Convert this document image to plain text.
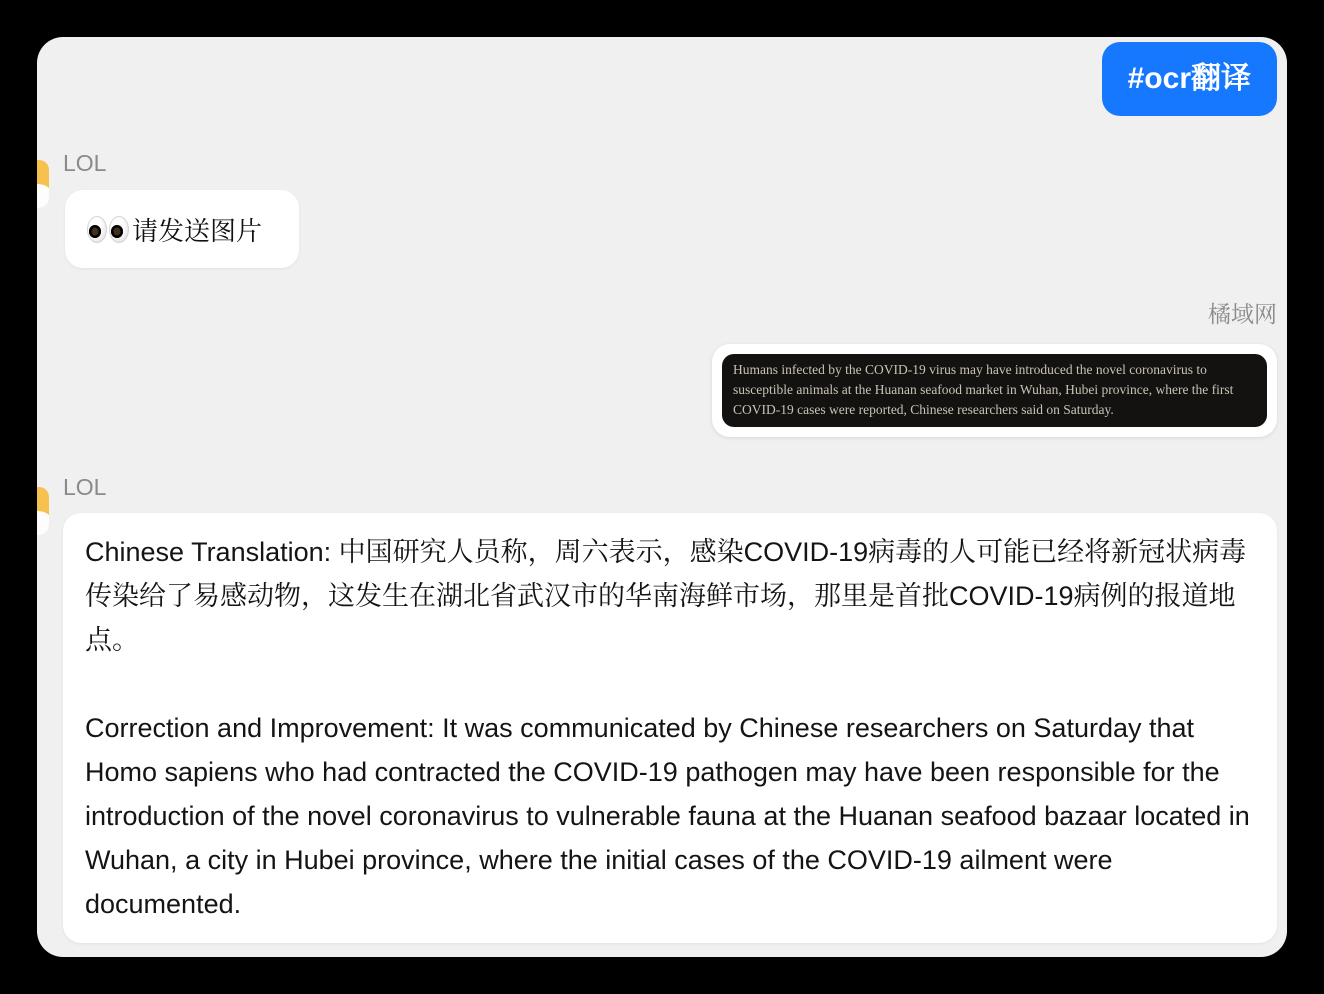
#ocr翻译
LOL
请发送图片
橘域网
Humans infected by the COVID-19 virus may have introduced the novel coronavirus to susceptible animals at the Huanan seafood market in Wuhan, Hubei province, where the first COVID-19 cases were reported, Chinese researchers said on Saturday.
LOL

Chinese Translation: 中国研究人员称，周六表示，感染COVID-19病毒的人可能已经将新冠状病毒传染给了易感动物，这发生在湖北省武汉市的华南海鲜市场，那里是首批COVID-19病例的报道地点。

Correction and Improvement: It was communicated by Chinese researchers on Saturday that Homo sapiens who had contracted the COVID-19 pathogen may have been responsible for the introduction of the novel coronavirus to vulnerable fauna at the Huanan seafood bazaar located in Wuhan, a city in Hubei province, where the initial cases of the COVID-19 ailment were documented.
